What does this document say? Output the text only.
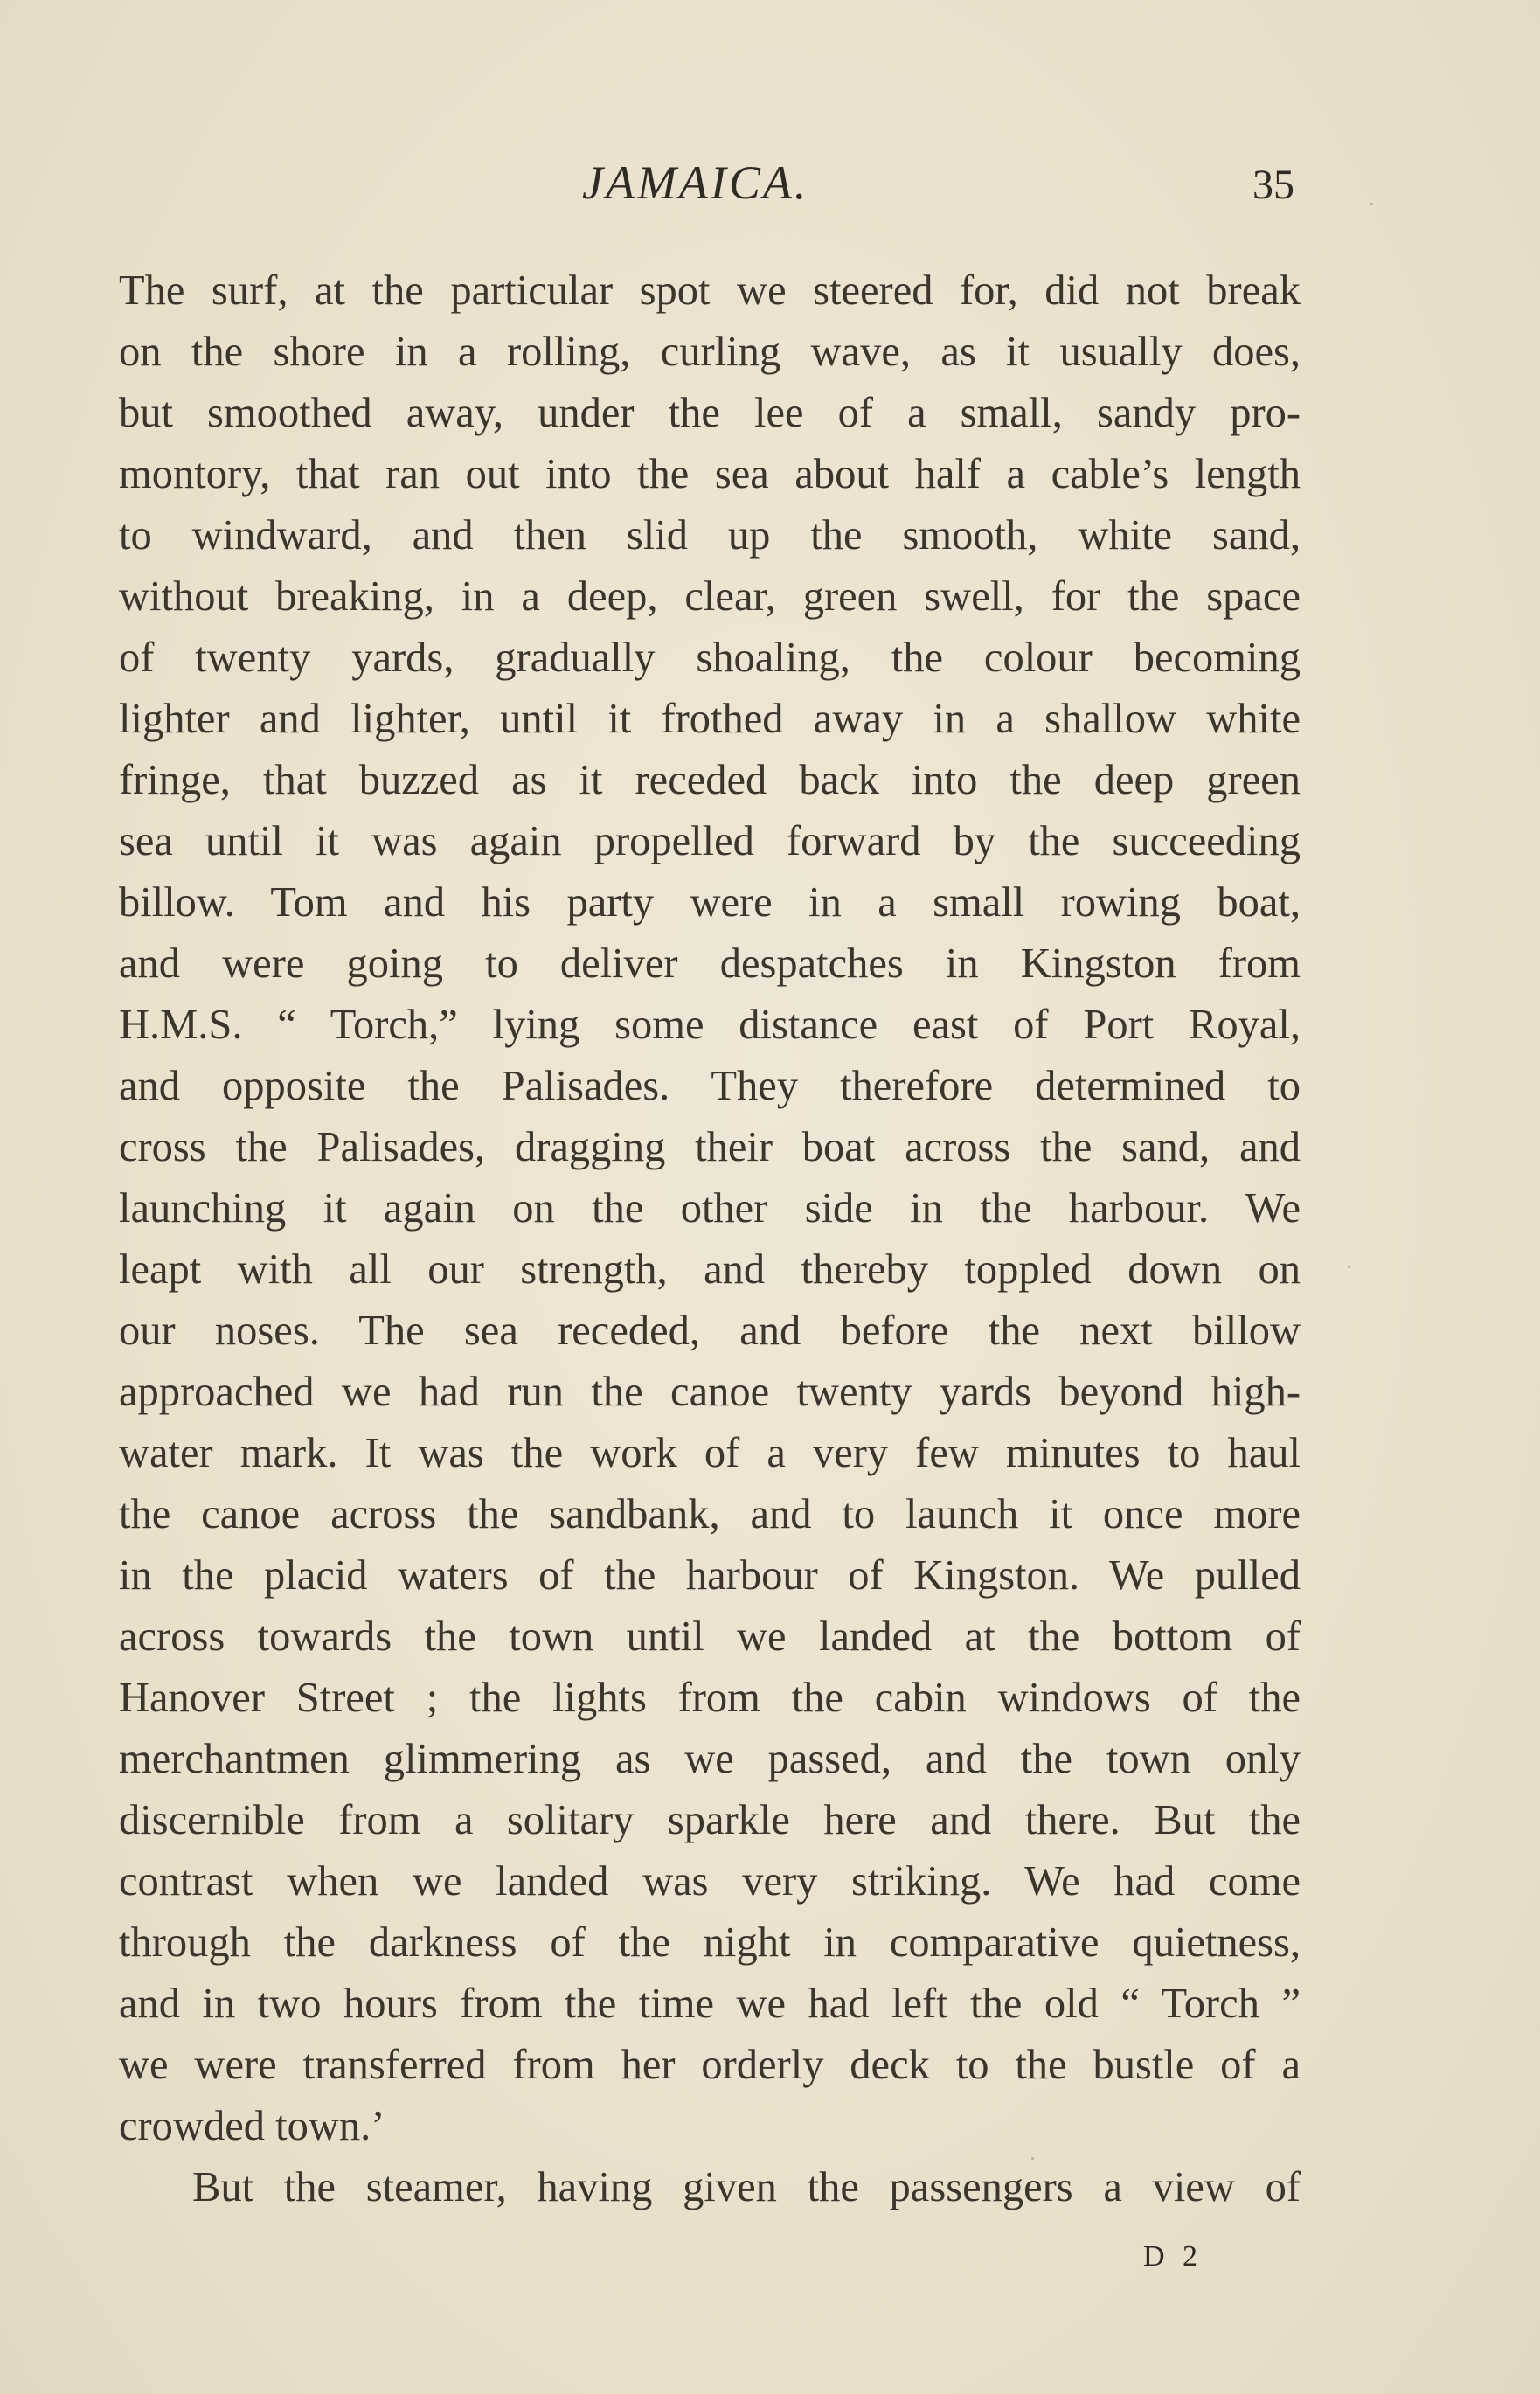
JAMAICA.	35
The surf, at the particular spot we steered for, did not break
on the shore in a rolling, curling wave, as it usually does,
but smoothed away, under the lee of a small, sandy pro-
montory, that ran out into the sea about half a cable’s length
to windward, and then slid up the smooth, white sand,
without breaking, in a deep, clear, green swell, for the space
of twenty yards, gradually shoaling, the colour becoming
lighter and lighter, until it frothed away in a shallow white
fringe, that buzzed as it receded back into the deep green
sea until it was again propelled forward by the succeeding
billow. Tom and his party were in a small rowing boat,
and were going to deliver despatches in Kingston from
H.M.S. “ Torch,” lying some distance east of Port Royal,
and opposite the Palisades. They therefore determined to
cross the Palisades, dragging their boat across the sand, and
launching it again on the other side in the harbour. We
leapt with all our strength, and thereby toppled down on
our noses. The sea receded, and before the next billow
approached we had run the canoe twenty yards beyond high-
water mark. It was the work of a very few minutes to haul
the canoe across the sandbank, and to launch it once more
in the placid waters of the harbour of Kingston. We pulled
across towards the town until we landed at the bottom of
Hanover Street ; the lights from the cabin windows of the
merchantmen glimmering as we passed, and the town only
discernible from a solitary sparkle here and there. But the
contrast when we landed was very striking. We had come
through the darkness of the night in comparative quietness,
and in two hours from the time we had left the old “ Torch ”
we were transferred from her orderly deck to the bustle of a
crowded town.’
But the steamer, having given the passengers a view of
D 2
